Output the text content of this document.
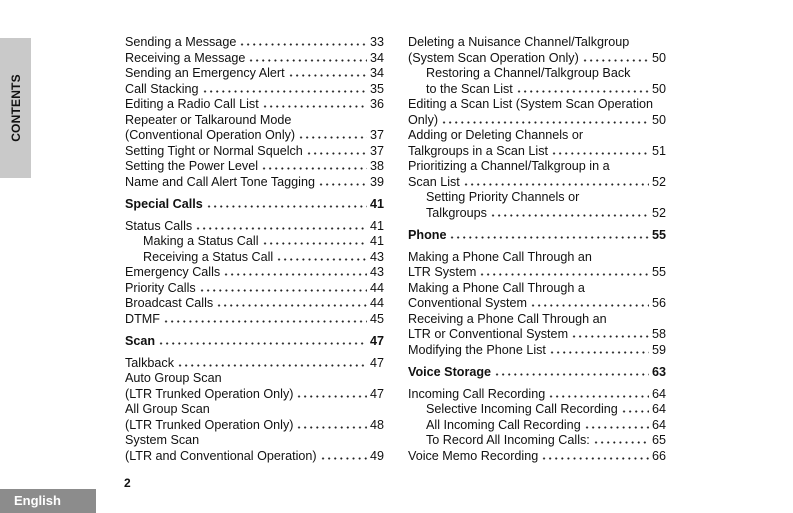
CONTENTS
Sending a Message	33
Receiving a Message	34
Sending an Emergency Alert	34
Call Stacking	35
Editing a Radio Call List	36
Repeater or Talkaround Mode
(Conventional Operation Only)	37
Setting Tight or Normal Squelch	37
Setting the Power Level	38
Name and Call Alert Tone Tagging	39
Special Calls	41
Status Calls	41
Making a Status Call	41
Receiving a Status Call	43
Emergency Calls	43
Priority Calls	44
Broadcast Calls	44
DTMF	45
Scan	47
Talkback	47
Auto Group Scan
(LTR Trunked Operation Only)	47
All Group Scan
(LTR Trunked Operation Only)	48
System Scan
(LTR and Conventional Operation)	49
Deleting a Nuisance Channel/Talkgroup
(System Scan Operation Only)	50
Restoring a Channel/Talkgroup Back
to the Scan List	50
Editing a Scan List (System Scan Operation
Only)	50
Adding or Deleting Channels or
Talkgroups in a Scan List	51
Prioritizing a Channel/Talkgroup in a
Scan List	52
Setting Priority Channels or
Talkgroups	52
Phone	55
Making a Phone Call Through an
LTR System	55
Making a Phone Call Through a
Conventional System	56
Receiving a Phone Call Through an
LTR or Conventional System	58
Modifying the Phone List	59
Voice Storage	63
Incoming Call Recording	64
Selective Incoming Call Recording	64
All Incoming Call Recording	64
To Record All Incoming Calls:	65
Voice Memo Recording	66
2
English
